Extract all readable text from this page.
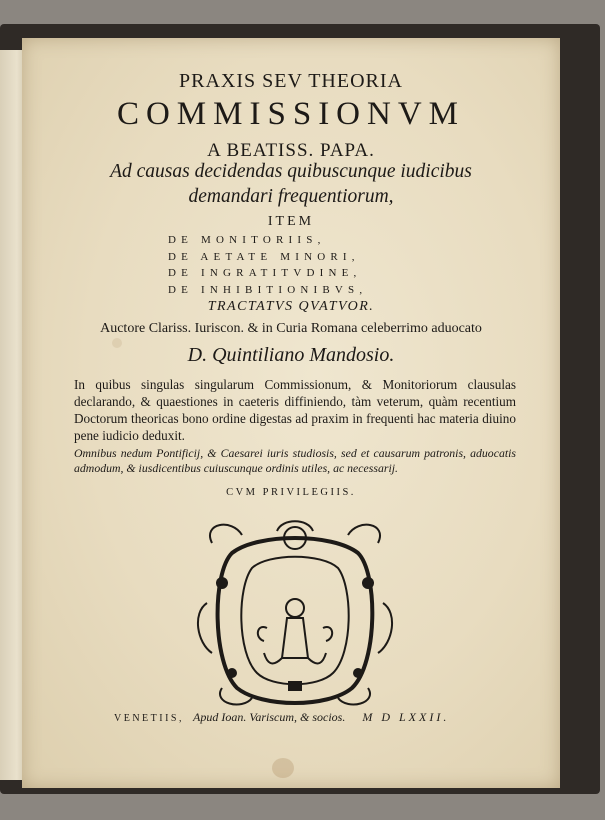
PRAXIS SEV THEORIA
COMMISSIONVM
A BEATISS. PAPA.
Ad causas decidendas quibuscunque iudicibus
demandari frequentiorum,
ITEM
DE MONITORIIS,
DE AETATE MINORI,
DE INGRATITVDINE,
DE INHIBITIONIBVS,
TRACTATVS QVATVOR.
Auctore Clariss. Iuriscon. & in Curia Romana celeberrimo aduocato
D. Quintiliano Mandosio.
In quibus singulas singularum Commissionum, & Monitoriorum clausulas declarando, & quaestiones in caeteris diffiniendo, tàm veterum, quàm recentium Doctorum theoricas bono ordine digestas ad praxim in frequenti hac materia diuino pene iudicio deduxit.
Omnibus nedum Pontificij, & Caesarei iuris studiosis, sed et causarum patronis, aduocatis admodum, & iusdicentibus cuiuscunque ordinis utiles, ac necessarij.
CVM PRIVILEGIIS.
VENETIIS, Apud Ioan. Variscum, & socios. M D LXXII.
